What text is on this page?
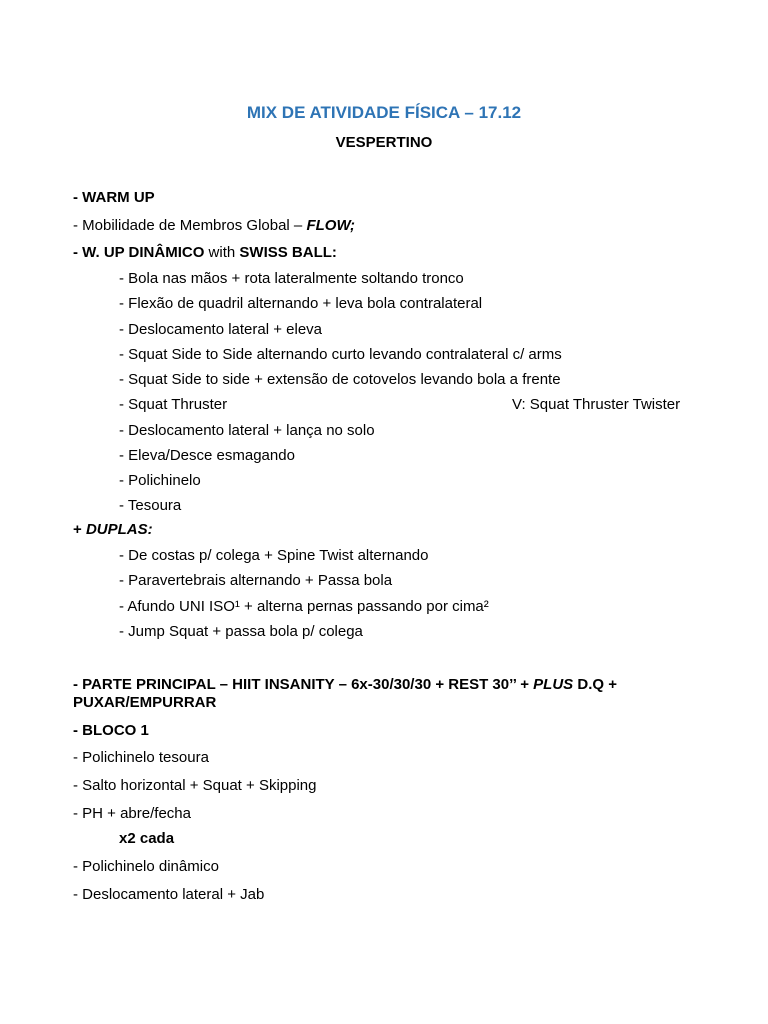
MIX DE ATIVIDADE FÍSICA – 17.12
VESPERTINO
- WARM UP
- Mobilidade de Membros Global – FLOW;
- W. UP DINÂMICO with SWISS BALL:
- Bola nas mãos + rota lateralmente soltando tronco
- Flexão de quadril alternando + leva bola contralateral
- Deslocamento lateral + eleva
- Squat Side to Side alternando curto levando contralateral c/ arms
- Squat Side to side + extensão de cotovelos levando bola a frente
- Squat Thruster	V: Squat Thruster Twister
- Deslocamento lateral + lança no solo
- Eleva/Desce esmagando
- Polichinelo
- Tesoura
+ DUPLAS:
- De costas p/ colega + Spine Twist alternando
- Paravertebrais alternando + Passa bola
- Afundo UNI ISO¹ + alterna pernas passando por cima²
- Jump Squat + passa bola p/ colega
- PARTE PRINCIPAL – HIIT INSANITY – 6x-30/30/30 + REST 30’’ + PLUS D.Q +
PUXAR/EMPURRAR
- BLOCO 1
- Polichinelo tesoura
- Salto horizontal + Squat + Skipping
- PH + abre/fecha
x2 cada
- Polichinelo dinâmico
- Deslocamento lateral + Jab
